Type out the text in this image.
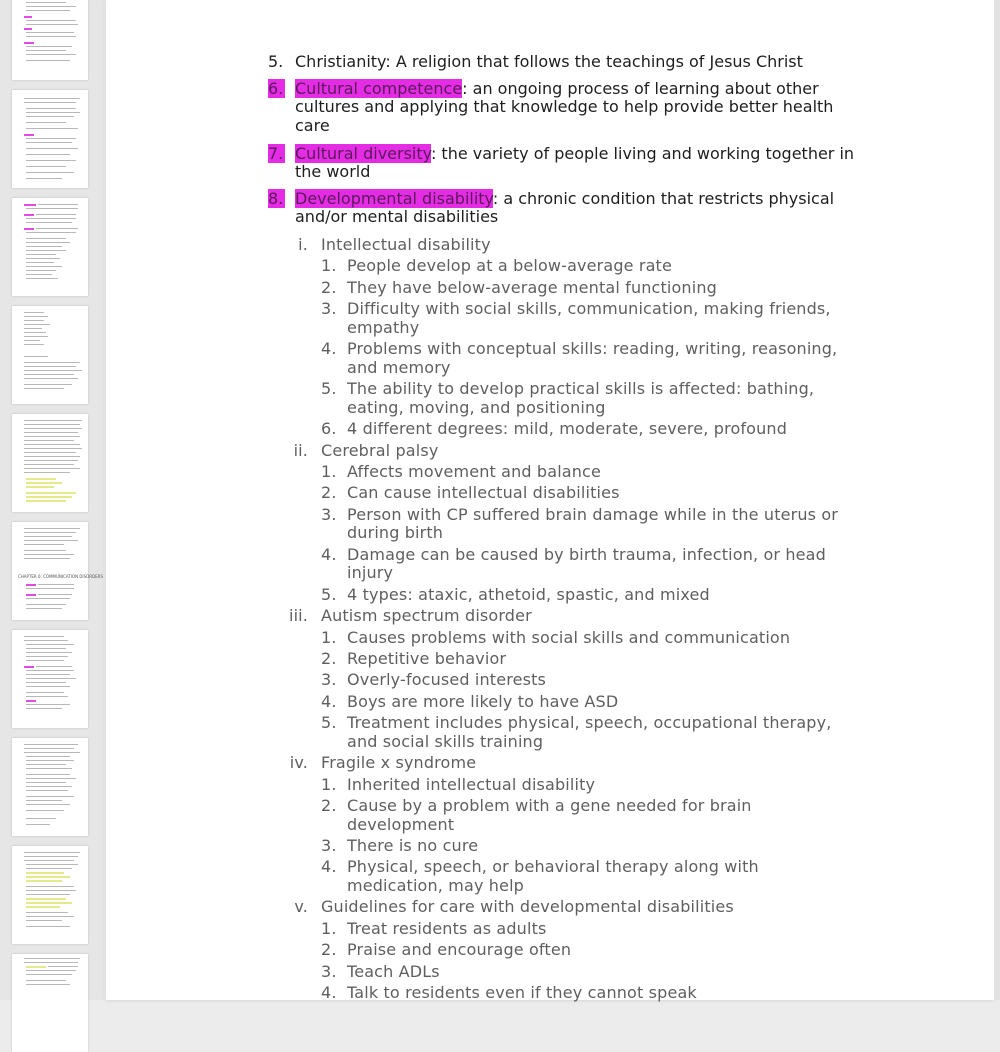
CHAPTER 6: COMMUNICATION DISORDERS
5. Christianity: A religion that follows the teachings of Jesus Christ
6. Cultural competence: an ongoing process of learning about other
cultures and applying that knowledge to help provide better health
care
7. Cultural diversity: the variety of people living and working together in
the world
8. Developmental disability: a chronic condition that restricts physical
and/or mental disabilities
i. Intellectual disability
1. People develop at a below-average rate
2. They have below-average mental functioning
3. Difficulty with social skills, communication, making friends,
empathy
4. Problems with conceptual skills: reading, writing, reasoning,
and memory
5. The ability to develop practical skills is affected: bathing,
eating, moving, and positioning
6. 4 different degrees: mild, moderate, severe, profound
ii. Cerebral palsy
1. Affects movement and balance
2. Can cause intellectual disabilities
3. Person with CP suffered brain damage while in the uterus or
during birth
4. Damage can be caused by birth trauma, infection, or head
injury
5. 4 types: ataxic, athetoid, spastic, and mixed
iii. Autism spectrum disorder
1. Causes problems with social skills and communication
2. Repetitive behavior
3. Overly-focused interests
4. Boys are more likely to have ASD
5. Treatment includes physical, speech, occupational therapy,
and social skills training
iv. Fragile x syndrome
1. Inherited intellectual disability
2. Cause by a problem with a gene needed for brain
development
3. There is no cure
4. Physical, speech, or behavioral therapy along with
medication, may help
v. Guidelines for care with developmental disabilities
1. Treat residents as adults
2. Praise and encourage often
3. Teach ADLs
4. Talk to residents even if they cannot speak
